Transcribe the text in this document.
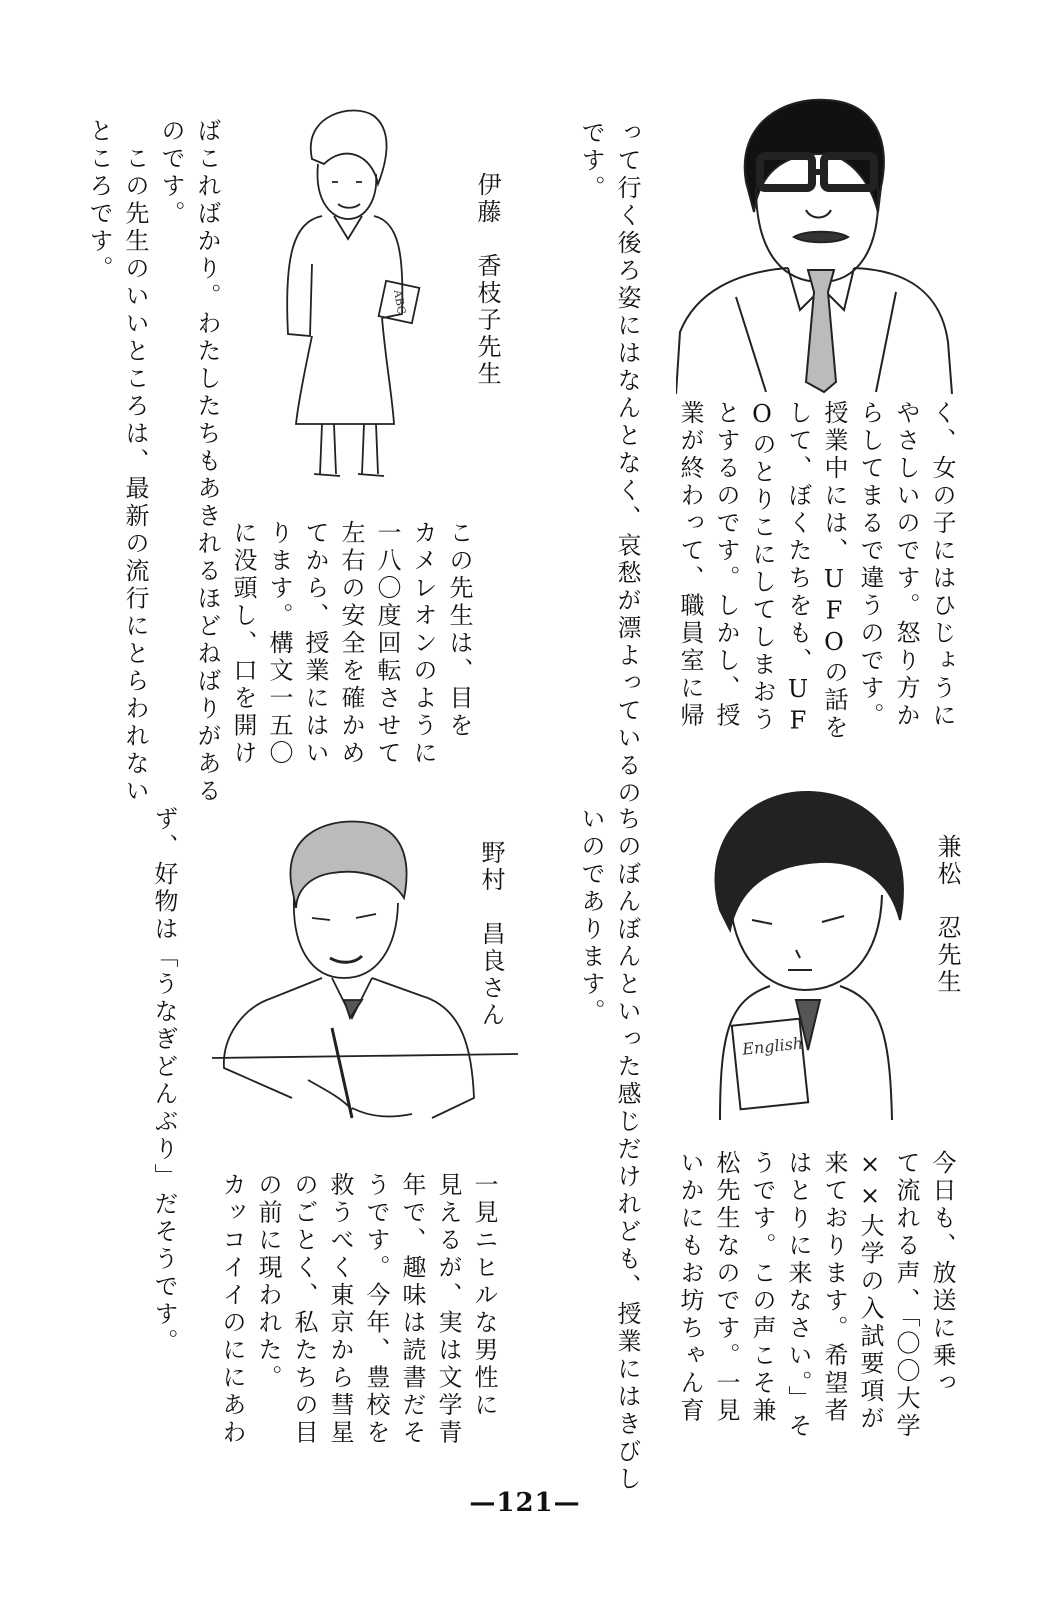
ABC
English
く、女の子にはひじょうに
やさしいのです。怒り方か
らしてまるで違うのです。
授業中には、UFOの話を
して、ぼくたちをも、UF
Oのとりこにしてしまおう
とするのです。しかし、授
業が終わって、職員室に帰
って行く後ろ姿にはなんとなく、哀愁が漂よっているの
です。
伊藤　香枝子先生
この先生は、目を
カメレオンのように
一八〇度回転させて
左右の安全を確かめ
てから、授業にはい
ります。構文一五〇
に没頭し、口を開け
ばこればかり。わたしたちもあきれるほどねばりがある
のです。
　この先生のいいところは、最新の流行にとらわれない
ところです。
兼松　忍先生
ちのぼんぼんといった感じだけれども、授業にはきびし
いのであります。
今日も、放送に乗っ
て流れる声、「〇〇大学
××大学の入試要項が
来ております。希望者
はとりに来なさい。」そ
うです。この声こそ兼
松先生なのです。一見
いかにもお坊ちゃん育
野村　昌良さん
ず、好物は「うなぎどんぶり」だそうです。	一見ニヒルな男性に
見えるが、実は文学青
年で、趣味は読書だそ
うです。今年、豊校を
救うべく東京から彗星
のごとく、私たちの目
の前に現われた。
カッコイイのににあわ
—121—
